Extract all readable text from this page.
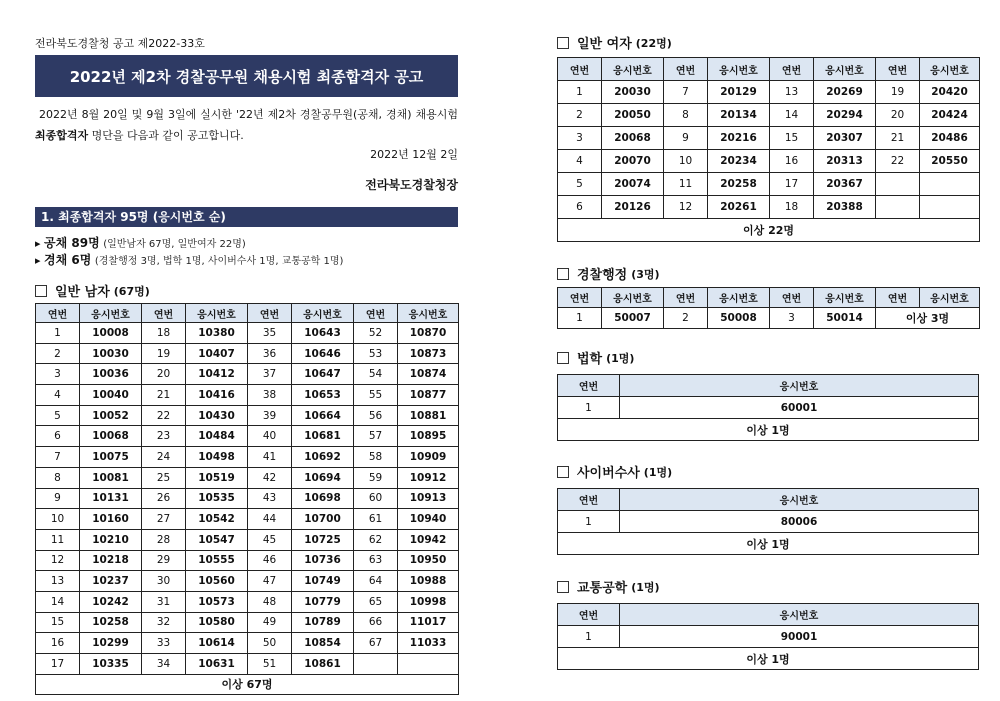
전라북도경찰청 공고 제2022-33호
2022년 제2차 경찰공무원 채용시험 최종합격자 공고
2022년 8월 20일 및 9월 3일에 실시한 '22년 제2차 경찰공무원(공채, 경채) 채용시험 최종합격자 명단을 다음과 같이 공고합니다.
2022년 12월 2일
전라북도경찰청장
1. 최종합격자 95명 (응시번호 순)
▸ 공채 89명 (일반남자 67명, 일반여자 22명)
▸ 경채 6명 (경찰행정 3명, 법학 1명, 사이버수사 1명, 교통공학 1명)
일반 남자 (67명)
연번	응시번호	연번	응시번호	연번	응시번호	연번	응시번호
1	10008	18	10380	35	10643	52	10870
2	10030	19	10407	36	10646	53	10873
3	10036	20	10412	37	10647	54	10874
4	10040	21	10416	38	10653	55	10877
5	10052	22	10430	39	10664	56	10881
6	10068	23	10484	40	10681	57	10895
7	10075	24	10498	41	10692	58	10909
8	10081	25	10519	42	10694	59	10912
9	10131	26	10535	43	10698	60	10913
10	10160	27	10542	44	10700	61	10940
11	10210	28	10547	45	10725	62	10942
12	10218	29	10555	46	10736	63	10950
13	10237	30	10560	47	10749	64	10988
14	10242	31	10573	48	10779	65	10998
15	10258	32	10580	49	10789	66	11017
16	10299	33	10614	50	10854	67	11033
17	10335	34	10631	51	10861		
이상 67명							
일반 여자 (22명)
연번	응시번호	연번	응시번호	연번	응시번호	연번	응시번호
1	20030	7	20129	13	20269	19	20420
2	20050	8	20134	14	20294	20	20424
3	20068	9	20216	15	20307	21	20486
4	20070	10	20234	16	20313	22	20550
5	20074	11	20258	17	20367		
6	20126	12	20261	18	20388		
이상 22명							
경찰행정 (3명)
연번	응시번호	연번	응시번호	연번	응시번호	연번	응시번호
1	50007	2	50008	3	50014	이상 3명	
법학 (1명)
연번	응시번호
1	60001
이상 1명	
사이버수사 (1명)
연번	응시번호
1	80006
이상 1명	
교통공학 (1명)
연번	응시번호
1	90001
이상 1명	
